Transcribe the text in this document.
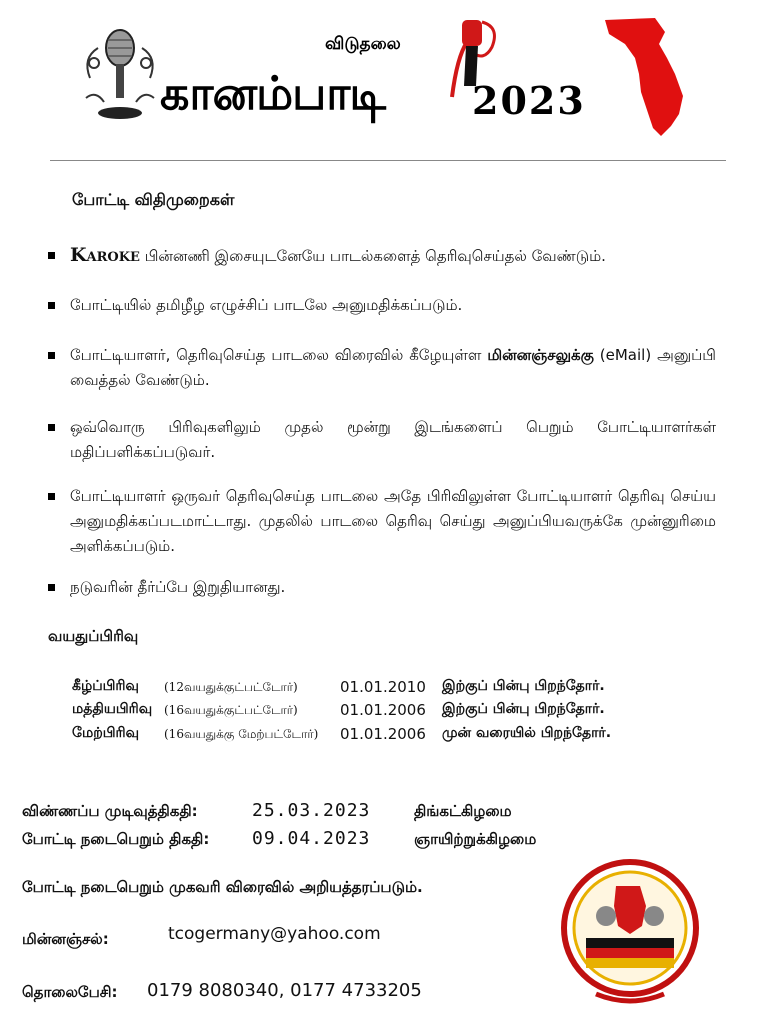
விடுதலை
கானம்பாடி 2023
போட்டி விதிமுறைகள்
Karoke பின்னணி இசையுடனேயே பாடல்களைத் தெரிவுசெய்தல் வேண்டும்.
போட்டியில் தமிழீழ எழுச்சிப் பாடலே அனுமதிக்கப்படும்.
போட்டியாளர், தெரிவுசெய்த பாடலை விரைவில் கீழேயுள்ள மின்னஞ்சலுக்கு (eMail) அனுப்பி வைத்தல் வேண்டும்.
ஒவ்வொரு பிரிவுகளிலும் முதல் மூன்று இடங்களைப் பெறும் போட்டியாளர்கள் மதிப்பளிக்கப்படுவர்.
போட்டியாளர் ஒருவர் தெரிவுசெய்த பாடலை அதே பிரிவிலுள்ள போட்டியாளர் தெரிவு செய்ய அனுமதிக்கப்படமாட்டாது. முதலில் பாடலை தெரிவு செய்து அனுப்பியவருக்கே முன்னுரிமை அளிக்கப்படும்.
நடுவரின் தீர்ப்பே இறுதியானது.
வயதுப்பிரிவு
கீழ்ப்பிரிவு (12வயதுக்குட்பட்டோர்)	01.01.2010 இற்குப் பின்பு பிறந்தோர்.
மத்தியபிரிவு (16வயதுக்குட்பட்டோர்)	01.01.2006 இற்குப் பின்பு பிறந்தோர்.
மேற்பிரிவு (16வயதுக்கு மேற்பட்டோர்) 01.01.2006 முன் வரையில் பிறந்தோர்.
விண்ணப்ப முடிவுத்திகதி:	25.03.2023	திங்கட்கிழமை
போட்டி நடைபெறும் திகதி: 09.04.2023	ஞாயிற்றுக்கிழமை
போட்டி நடைபெறும் முகவரி விரைவில் அறியத்தரப்படும்.
மின்னஞ்சல்:	tcogermany@yahoo.com
தொலைபேசி: 0179 8080340, 0177 4733205
